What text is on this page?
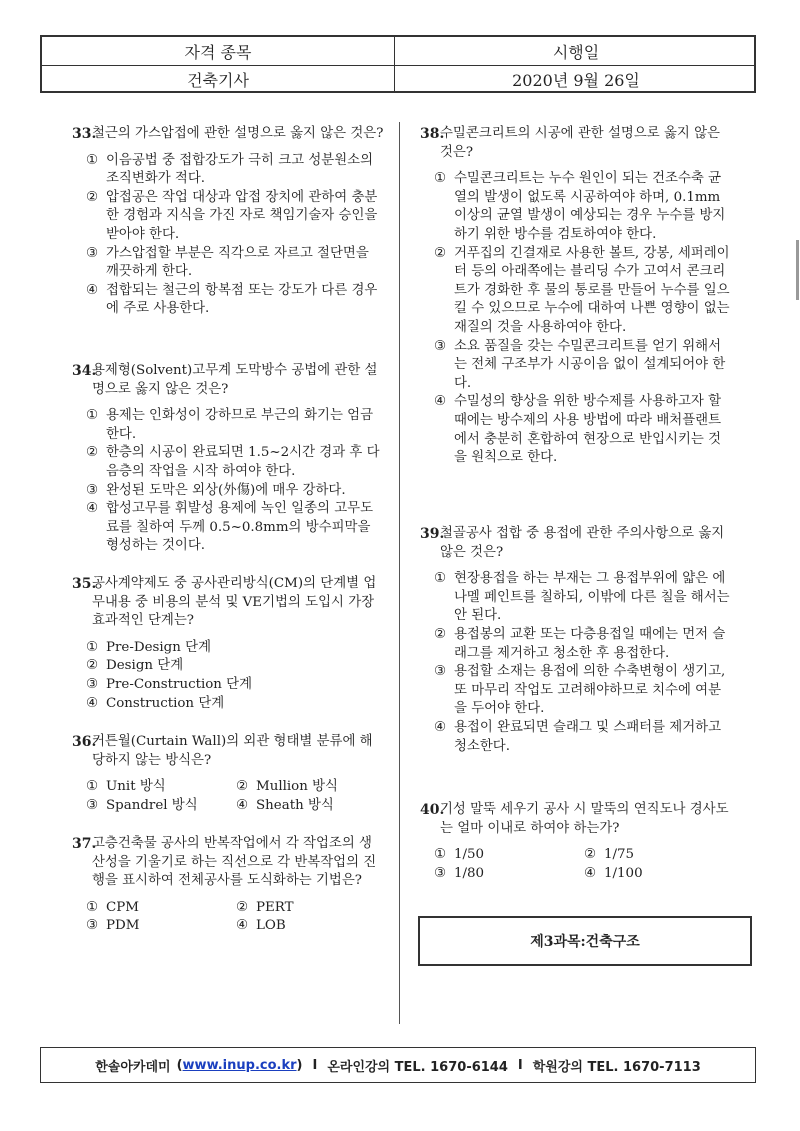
자격 종목	시행일
건축기사	2020년 9월 26일
33.
철근의 가스압접에 관한 설명으로 옳지 않은 것은?
① 이음공법 중 접합강도가 극히 크고 성분원소의 조직변화가 적다.
② 압접공은 작업 대상과 압접 장치에 관하여 충분한 경험과 지식을 가진 자로 책임기술자 승인을 받아야 한다.
③ 가스압접할 부분은 직각으로 자르고 절단면을 깨끗하게 한다.
④ 접합되는 철근의 항복점 또는 강도가 다른 경우에 주로 사용한다.
34.
용제형(Solvent)고무계 도막방수 공법에 관한 설명으로 옳지 않은 것은?
① 용제는 인화성이 강하므로 부근의 화기는 엄금한다.
② 한층의 시공이 완료되면 1.5~2시간 경과 후 다음층의 작업을 시작 하여야 한다.
③ 완성된 도막은 외상(外傷)에 매우 강하다.
④ 합성고무를 휘발성 용제에 녹인 일종의 고무도료를 칠하여 두께 0.5~0.8mm의 방수피막을 형성하는 것이다.
35.
공사계약제도 중 공사관리방식(CM)의 단계별 업무내용 중 비용의 분석 및 VE기법의 도입시 가장 효과적인 단계는?
① Pre-Design 단계
② Design 단계
③ Pre-Construction 단계
④ Construction 단계
36.
커튼월(Curtain Wall)의 외관 형태별 분류에 해당하지 않는 방식은?
① Unit 방식	② Mullion 방식
③ Spandrel 방식	④ Sheath 방식
37.
고층건축물 공사의 반복작업에서 각 작업조의 생산성을 기울기로 하는 직선으로 각 반복작업의 진행을 표시하여 전체공사를 도식화하는 기법은?
① CPM	② PERT
③ PDM	④ LOB
38.
수밀콘크리트의 시공에 관한 설명으로 옳지 않은 것은?
① 수밀콘크리트는 누수 원인이 되는 건조수축 균열의 발생이 없도록 시공하여야 하며, 0.1mm 이상의 균열 발생이 예상되는 경우 누수를 방지하기 위한 방수를 검토하여야 한다.
② 거푸집의 긴결재로 사용한 볼트, 강봉, 세퍼레이터 등의 아래쪽에는 블리딩 수가 고여서 콘크리트가 경화한 후 물의 통로를 만들어 누수를 일으킬 수 있으므로 누수에 대하여 나쁜 영향이 없는 재질의 것을 사용하여야 한다.
③ 소요 품질을 갖는 수밀콘크리트를 얻기 위해서는 전체 구조부가 시공이음 없이 설계되어야 한다.
④ 수밀성의 향상을 위한 방수제를 사용하고자 할 때에는 방수제의 사용 방법에 따라 배처플랜트에서 충분히 혼합하여 현장으로 반입시키는 것을 원칙으로 한다.
39.
철골공사 접합 중 용접에 관한 주의사항으로 옳지 않은 것은?
① 현장용접을 하는 부재는 그 용접부위에 얇은 에나멜 페인트를 칠하되, 이밖에 다른 칠을 해서는 안 된다.
② 용접봉의 교환 또는 다층용접일 때에는 먼저 슬래그를 제거하고 청소한 후 용접한다.
③ 용접할 소재는 용접에 의한 수축변형이 생기고, 또 마무리 작업도 고려해야하므로 치수에 여분을 두어야 한다.
④ 용접이 완료되면 슬래그 및 스패터를 제거하고 청소한다.
40.
기성 말뚝 세우기 공사 시 말뚝의 연직도나 경사도는 얼마 이내로 하여야 하는가?
① 1/50	② 1/75
③ 1/80	④ 1/100
제3과목:건축구조
한솔아카데미 ( www.inup.co.kr ) I 온라인강의 TEL. 1670-6144 I 학원강의 TEL. 1670-7113
